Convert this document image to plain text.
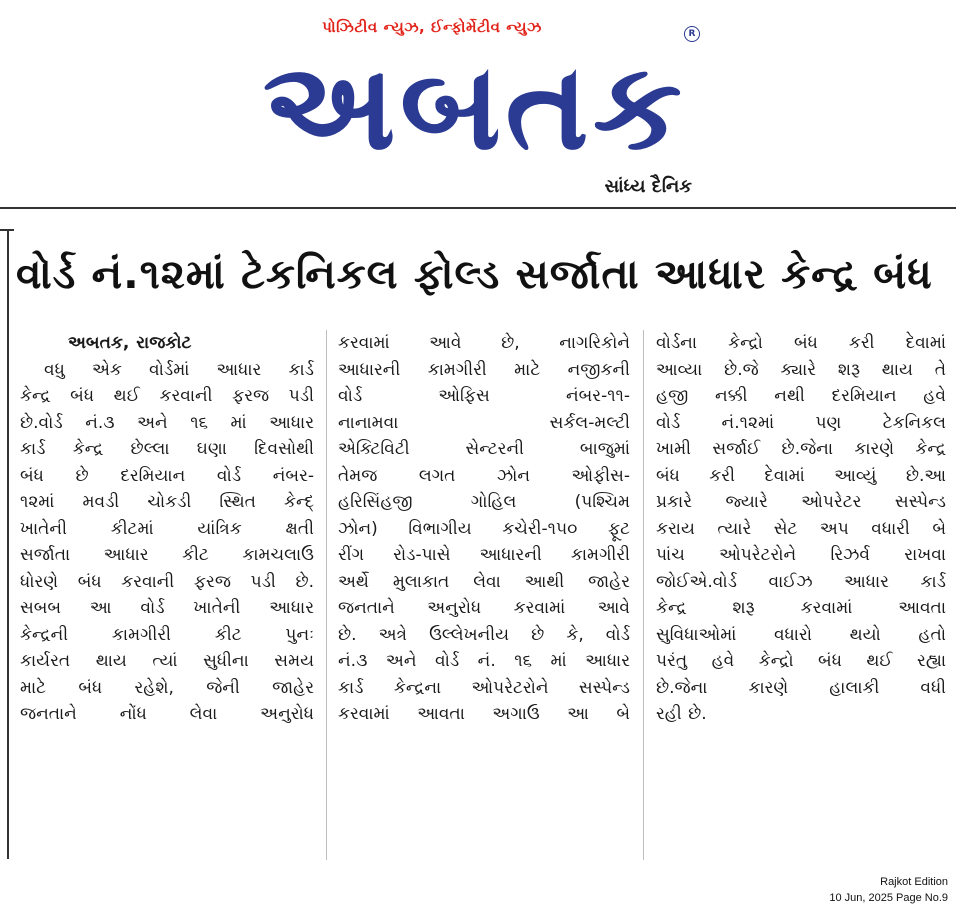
પોઝિટીવ ન્યુઝ, ઈન્ફોર્મેટીવ ન્યુઝ
અબતક
R
સાંધ્ય દૈનિક
વોર્ડ નં.૧૨માં ટેકનિકલ ફોલ્ડ સર્જાતા આધાર કેન્દ્ર બંધ
અબતક, રાજકોટ
વધુ એક વોર્ડમાં આધાર કાર્ડ
કેન્દ્ર બંધ થઈ કરવાની ફરજ પડી
છે.વોર્ડ નં.૩ અને ૧૬ માં આધાર
કાર્ડ કેન્દ્ર છેલ્લા ઘણા દિવસોથી
બંધ છે દરમિયાન વોર્ડ નંબર-
૧૨માં મવડી ચોકડી સ્થિત કેન્દ્
ખાતેની કીટમાં યાંત્રિક ક્ષતી
સર્જાતા આધાર કીટ કામચલાઉ
ધોરણે બંધ કરવાની ફરજ પડી છે.
સબબ આ વોર્ડ ખાતેની આધાર
કેન્દ્રની કામગીરી કીટ પુનઃ
કાર્યરત થાય ત્યાં સુધીના સમય
માટે બંધ રહેશે, જેની જાહેર
જનતાને નોંધ લેવા અનુરોધ
કરવામાં આવે છે, નાગરિકોને
આધારની કામગીરી માટે નજીકની
વોર્ડ ઓફિસ નંબર-૧૧-
નાનામવા સર્કલ-મલ્ટી
એક્ટિવિટી સેન્ટરની બાજુમાં
તેમજ લગત ઝોન ઓફીસ-
હરિસિંહજી ગોહિલ (પશ્ચિમ
ઝોન) વિભાગીય કચેરી-૧૫૦ ફૂટ
રીંગ રોડ-પાસે આધારની કામગીરી
અર્થે મુલાકાત લેવા આથી જાહેર
જનતાને અનુરોધ કરવામાં આવે
છે. અત્રે ઉલ્લેખનીય છે કે, વોર્ડ
નં.૩ અને વોર્ડ નં. ૧૬ માં આધાર
કાર્ડ કેન્દ્રના ઓપરેટરોને સસ્પેન્ડ
કરવામાં આવતા અગાઉ આ બે
વોર્ડના કેન્દ્રો બંધ કરી દેવામાં
આવ્યા છે.જે ક્યારે શરૂ થાય તે
હજી નક્કી નથી દરમિયાન હવે
વોર્ડ નં.૧૨માં પણ ટેકનિકલ
ખામી સર્જાઈ છે.જેના કારણે કેન્દ્ર
બંધ કરી દેવામાં આવ્યું છે.આ
પ્રકારે જ્યારે ઓપરેટર સસ્પેન્ડ
કરાય ત્યારે સેટ અપ વધારી બે
પાંચ ઓપરેટરોને રિઝર્વ રાખવા
જોઈએ.વોર્ડ વાઈઝ આધાર કાર્ડ
કેન્દ્ર શરૂ કરવામાં આવતા
સુવિધાઓમાં વધારો થયો હતો
પરંતુ હવે કેન્દ્રો બંધ થઈ રહ્યા
છે.જેના કારણે હાલાકી વધી
રહી છે.
Rajkot Edition
10 Jun, 2025 Page No.9
